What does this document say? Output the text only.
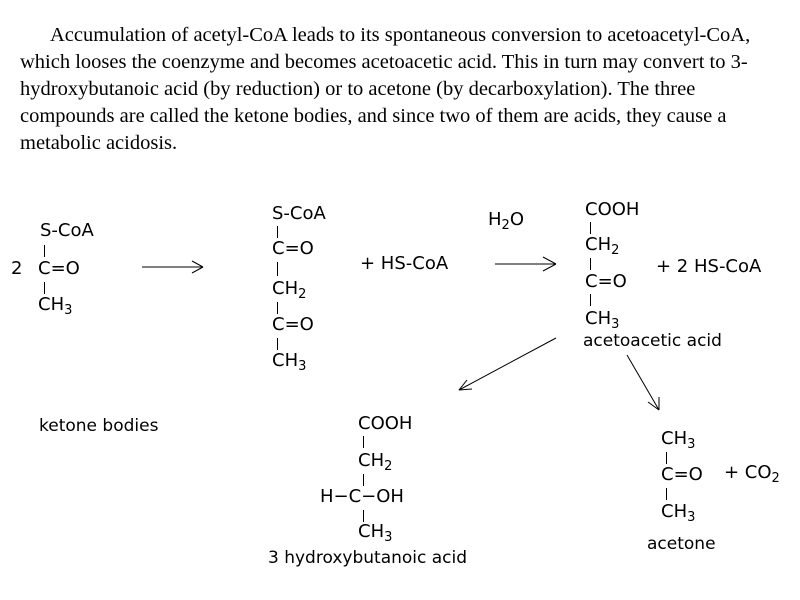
Accumulation of acetyl-CoA leads to its spontaneous conversion to acetoacetyl-CoA, which looses the coenzyme and becomes acetoacetic acid. This in turn may convert to 3-hydroxybutanoic acid (by reduction) or to acetone (by decarboxylation). The three compounds are called the ketone bodies, and since two of them are acids, they cause a metabolic acidosis.

S-CoA
2 C=O
$CH_3$
S-CoA
C=O
$CH_2$
C=O
$CH_3$
+ HS-CoA
$H_2O$	COOH
$CH_2$
C=O
$CH_3$
acetoacetic acid
+ 2 HS-CoA
ketone bodies	COOH
$CH_2$
H−C−OH
$CH_3$
3 hydroxybutanoic acid
$CH_3$
$C=O + CO_2$
$CH_3$
acetone
